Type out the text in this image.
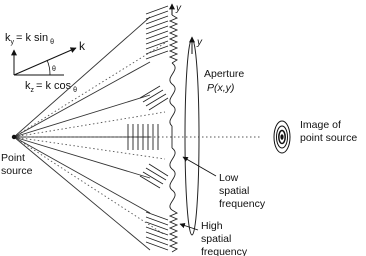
$k_y = k$ sin $_\theta$
θ
k
$k_z = k$ cos $_\theta$
y
y
Aperture
P(x,y)
Image of
point source
Point
source
Low
spatial
frequency
High
spatial
frequency
